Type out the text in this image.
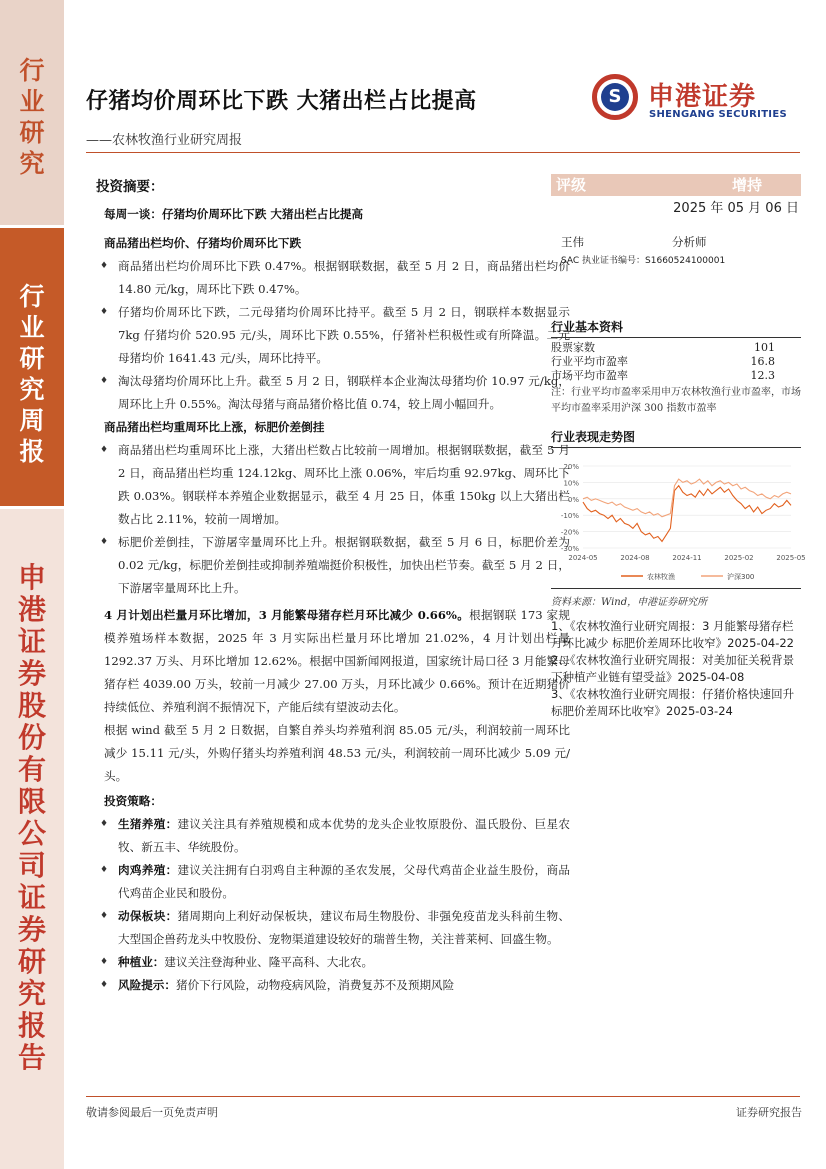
行
业
研
究
行
业
研
究
周
报
申
港
证
券
股
份
有
限
公
司
证
券
研
究
报
告
仔猪均价周环比下跌 大猪出栏占比提高
——农林牧渔行业研究周报
S 申港证券
SHENGANG SECURITIES
投资摘要：

每周一谈：仔猪均价周环比下跌 大猪出栏占比提高

商品猪出栏均价、仔猪均价周环比下跌

♦ 商品猪出栏均价周环比下跌 0.47%。根据钢联数据，截至 5 月 2 日，商品猪出栏均价 14.80 元/kg，周环比下跌 0.47%。

♦ 仔猪均价周环比下跌，二元母猪均价周环比持平。截至 5 月 2 日，钢联样本数据显示 7kg 仔猪均价 520.95 元/头，周环比下跌 0.55%，仔猪补栏积极性或有所降温。二元母猪均价 1641.43 元/头，周环比持平。

♦ 淘汰母猪均价周环比上升。截至 5 月 2 日，钢联样本企业淘汰母猪均价 10.97 元/kg，周环比上升 0.55%。淘汰母猪与商品猪价格比值 0.74，较上周小幅回升。

商品猪出栏均重周环比上涨，标肥价差倒挂

♦ 商品猪出栏均重周环比上涨，大猪出栏数占比较前一周增加。根据钢联数据，截至 5 月 2 日，商品猪出栏均重 124.12kg、周环比上涨 0.06%，牢后均重 92.97kg、周环比下跌 0.03%。钢联样本养殖企业数据显示，截至 4 月 25 日，体重 150kg 以上大猪出栏数占比 2.11%，较前一周增加。

♦ 标肥价差倒挂，下游屠宰量周环比上升。根据钢联数据，截至 5 月 6 日，标肥价差为 0.02 元/kg，标肥价差倒挂或抑制养殖端挺价积极性，加快出栏节奏。截至 5 月 2 日，下游屠宰量周环比上升。

4 月计划出栏量月环比增加，3 月能繁母猪存栏月环比减少 0.66%。根据钢联 173 家规模养殖场样本数据，2025 年 3 月实际出栏量月环比增加 21.02%，4 月计划出栏量 1292.37 万头、月环比增加 12.62%。根据中国新闻网报道，国家统计局口径 3 月能繁母猪存栏 4039.00 万头，较前一月减少 27.00 万头，月环比减少 0.66%。预计在近期猪价持续低位、养殖利润不振情况下，产能后续有望波动去化。

根据 wind 截至 5 月 2 日数据，自繁自养头均养殖利润 85.05 元/头，利润较前一周环比减少 15.11 元/头，外购仔猪头均养殖利润 48.53 元/头，利润较前一周环比减少 5.09 元/头。

投资策略：

♦ 生猪养殖：建议关注具有养殖规模和成本优势的龙头企业牧原股份、温氏股份、巨星农牧、新五丰、华统股份。

♦ 肉鸡养殖：建议关注拥有白羽鸡自主种源的圣农发展，父母代鸡苗企业益生股份，商品代鸡苗企业民和股份。

♦ 动保板块：猪周期向上利好动保板块，建议布局生物股份、非强免疫苗龙头科前生物、大型国企兽药龙头中牧股份、宠物渠道建设较好的瑞普生物，关注普莱柯、回盛生物。

♦ 种植业：建议关注登海种业、隆平高科、大北农。

♦ 风险提示：猪价下行风险，动物疫病风险，消费复苏不及预期风险

评级	增持
2025 年 05 月 06 日
王伟	分析师
SAC 执业证书编号：S1660524100001
行业基本资料
股票家数	101
行业平均市盈率	16.8
市场平均市盈率	12.3
注：行业平均市盈率采用申万农林牧渔行业市盈率，市场平均市盈率采用沪深 300 指数市盈率
行业表现走势图
-30%
-20%
-10%
0%
10%
20%
2024-05	2024-08	2024-11	2025-02	2025-05
农林牧渔	沪深300
资料来源：Wind，申港证券研究所
1、《农林牧渔行业研究周报：3 月能繁母猪存栏月环比减少 标肥价差周环比收窄》2025-04-22
2、《农林牧渔行业研究周报：对美加征关税背景下种植产业链有望受益》2025-04-08
3、《农林牧渔行业研究周报：仔猪价格快速回升 标肥价差周环比收窄》2025-03-24
敬请参阅最后一页免责声明	证券研究报告
